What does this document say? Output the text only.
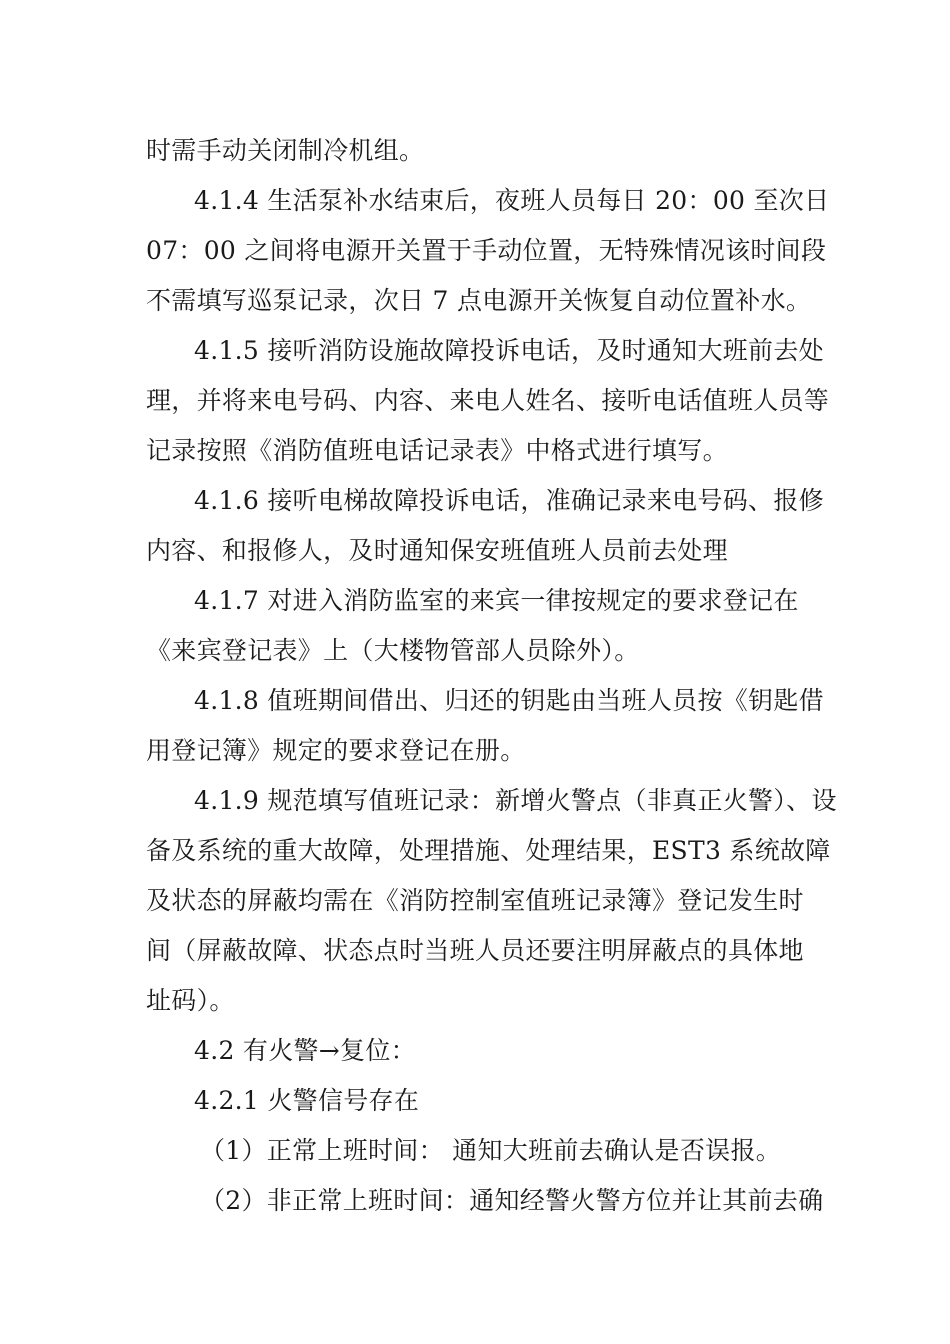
时需手动关闭制冷机组。
4.1.4 生活泵补水结束后，夜班人员每日 20：00 至次日
07：00 之间将电源开关置于手动位置，无特殊情况该时间段
不需填写巡泵记录，次日 7 点电源开关恢复自动位置补水。
4.1.5 接听消防设施故障投诉电话，及时通知大班前去处
理，并将来电号码、内容、来电人姓名、接听电话值班人员等
记录按照《消防值班电话记录表》中格式进行填写。
4.1.6 接听电梯故障投诉电话，准确记录来电号码、报修
内容、和报修人，及时通知保安班值班人员前去处理
4.1.7 对进入消防监室的来宾一律按规定的要求登记在
《来宾登记表》上（大楼物管部人员除外）。
4.1.8 值班期间借出、归还的钥匙由当班人员按《钥匙借
用登记簿》规定的要求登记在册。
4.1.9 规范填写值班记录：新增火警点（非真正火警）、设
备及系统的重大故障，处理措施、处理结果，EST3 系统故障
及状态的屏蔽均需在《消防控制室值班记录簿》登记发生时
间（屏蔽故障、状态点时当班人员还要注明屏蔽点的具体地
址码）。
4.2 有火警→复位：
4.2.1 火警信号存在
（1）正常上班时间： 通知大班前去确认是否误报。
（2）非正常上班时间：通知经警火警方位并让其前去确
